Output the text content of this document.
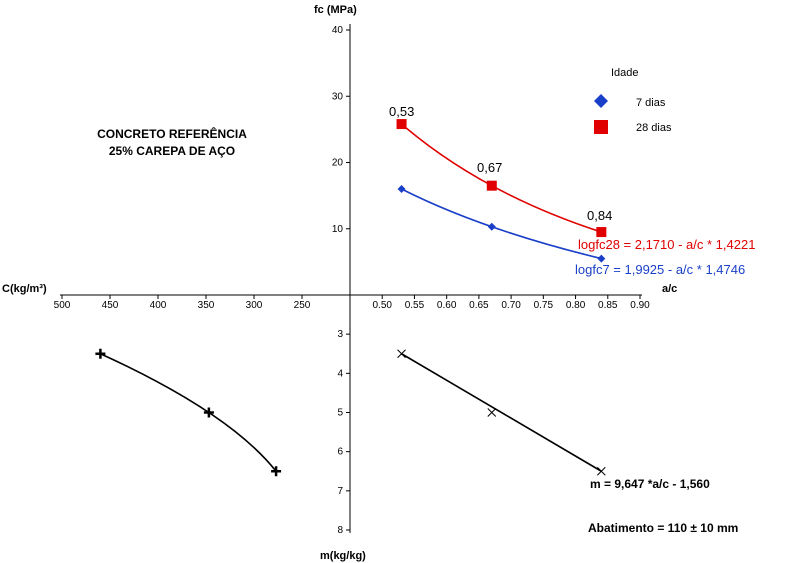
10
20
30
40
0.50 0.55 0.60 0.65 0.70 0.75 0.80 0.85 0.90
500	450	400	350	300	250
3
4
5
6
7
8
fc (MPa)
a/c
C(kg/m³)
m(kg/kg)
CONCRETO REFERÊNCIA
25% CAREPA DE AÇO
Idade
7 dias
28 dias
0,53
0,67
0,84
logfc28 = 2,1710 - a/c * 1,4221
logfc7 = 1,9925 - a/c * 1,4746
m = 9,647 *a/c - 1,560
Abatimento = 110 ± 10 mm
